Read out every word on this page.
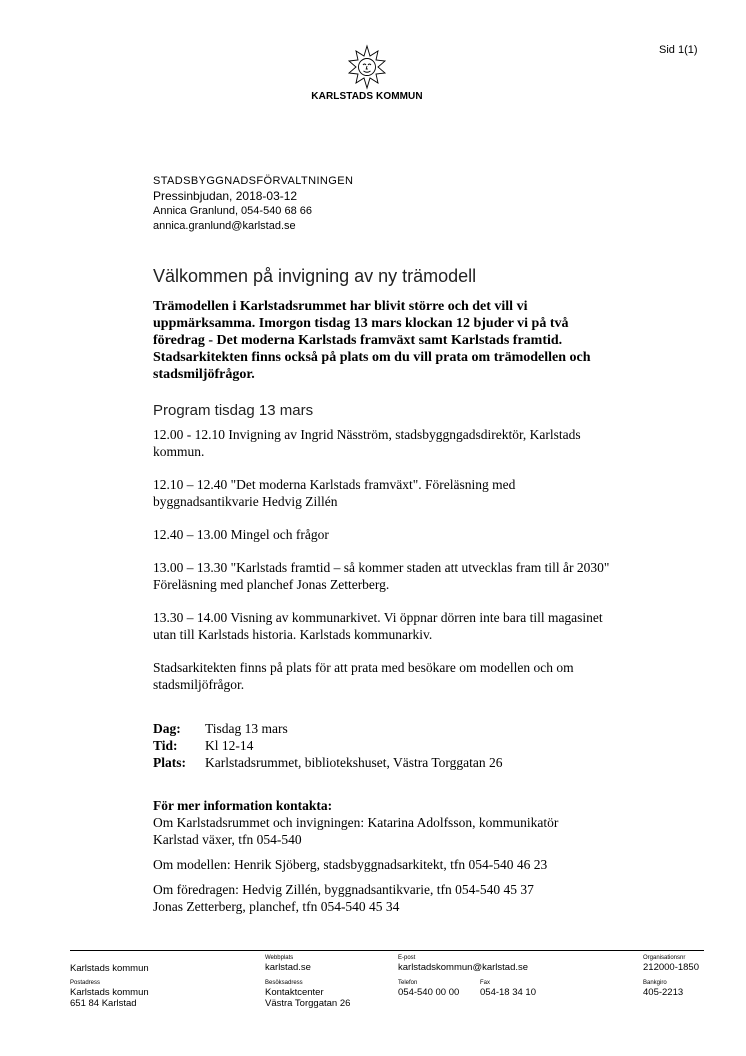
Sid 1(1)
KARLSTADS KOMMUN
STADSBYGGNADSFÖRVALTNINGEN
Pressinbjudan, 2018-03-12
Annica Granlund, 054-540 68 66
annica.granlund@karlstad.se
Välkommen på invigning av ny trämodell
Trämodellen i Karlstadsrummet har blivit större och det vill vi uppmärksamma. Imorgon tisdag 13 mars klockan 12 bjuder vi på två föredrag - Det moderna Karlstads framväxt samt Karlstads framtid. Stadsarkitekten finns också på plats om du vill prata om trämodellen och stadsmiljöfrågor.
Program tisdag 13 mars
12.00 - 12.10 Invigning av Ingrid Näsström, stadsbyggngadsdirektör, Karlstads kommun.
12.10 – 12.40 "Det moderna Karlstads framväxt". Föreläsning med byggnadsantikvarie Hedvig Zillén
12.40 – 13.00 Mingel och frågor
13.00 – 13.30 "Karlstads framtid – så kommer staden att utvecklas fram till år 2030" Föreläsning med planchef Jonas Zetterberg.
13.30 – 14.00 Visning av kommunarkivet. Vi öppnar dörren inte bara till magasinet utan till Karlstads historia. Karlstads kommunarkiv.
Stadsarkitekten finns på plats för att prata med besökare om modellen och om stadsmiljöfrågor.
Dag:	Tisdag 13 mars
Tid:	Kl 12-14
Plats:	Karlstadsrummet, bibliotekshuset, Västra Torggatan 26
För mer information kontakta:
Om Karlstadsrummet och invigningen: Katarina Adolfsson, kommunikatör
Karlstad växer, tfn 054-540
Om modellen: Henrik Sjöberg, stadsbyggnadsarkitekt, tfn 054-540 46 23
Om föredragen: Hedvig Zillén, byggnadsantikvarie, tfn 054-540 45 37
Jonas Zetterberg, planchef, tfn 054-540 45 34
Karlstads kommun
Webbplats
karlstad.se
E-post
karlstadskommun@karlstad.se
Organisationsnr
212000-1850
Postadress
Karlstads kommun
651 84 Karlstad
Besöksadress
Kontaktcenter
Västra Torggatan 26
Telefon
054-540 00 00
Fax
054-18 34 10
Bankgiro
405-2213
